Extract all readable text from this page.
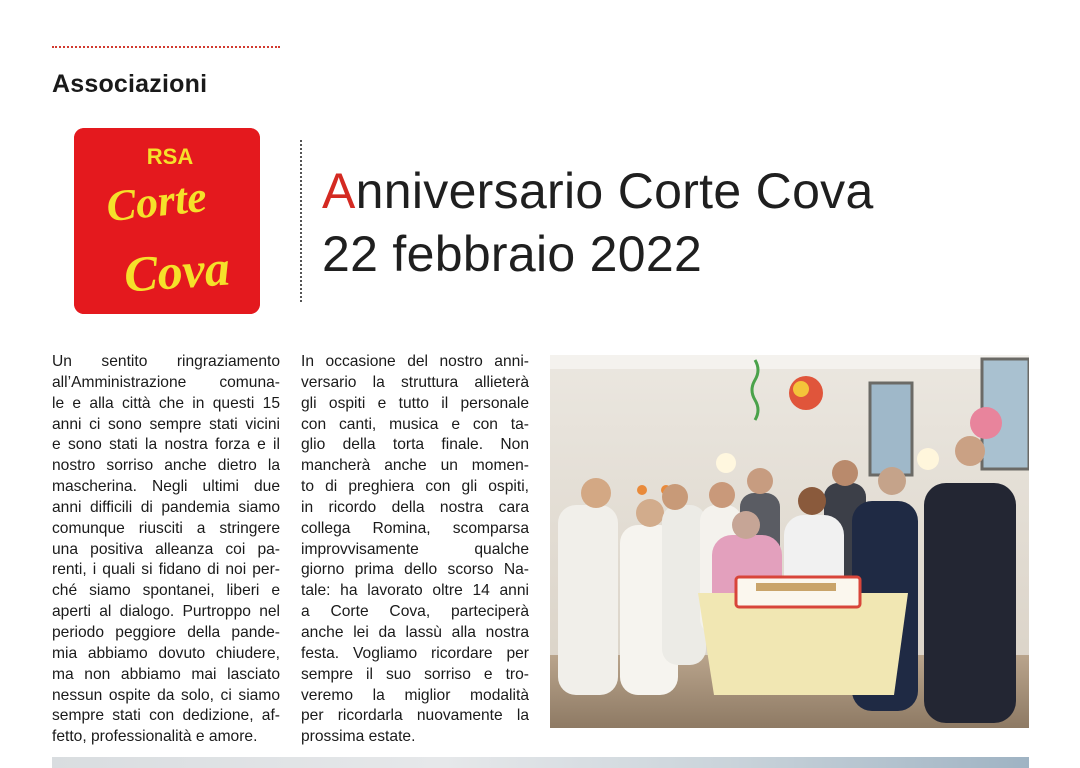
Associazioni
RSA
Corte
Cova
Anniversario Corte Cova
22 febbraio 2022
Un sentito ringraziamento
all’Amministrazione comuna-
le e alla città che in questi 15
anni ci sono sempre stati vicini
e sono stati la nostra forza e il
nostro sorriso anche dietro la
mascherina. Negli ultimi due
anni difficili di pandemia siamo
comunque riusciti a stringere
una positiva alleanza coi pa-
renti, i quali si fidano di noi per-
ché siamo spontanei, liberi e
aperti al dialogo. Purtroppo nel
periodo peggiore della pande-
mia abbiamo dovuto chiudere,
ma non abbiamo mai lasciato
nessun ospite da solo, ci siamo
sempre stati con dedizione, af-
fetto, professionalità e amore.
In occasione del nostro anni-
versario la struttura allieterà
gli ospiti e tutto il personale
con canti, musica e con ta-
glio della torta finale. Non
mancherà anche un momen-
to di preghiera con gli ospiti,
in ricordo della nostra cara
collega Romina, scomparsa
improvvisamente qualche
giorno prima dello scorso Na-
tale: ha lavorato oltre 14 anni
a Corte Cova, parteciperà
anche lei da lassù alla nostra
festa. Vogliamo ricordare per
sempre il suo sorriso e tro-
veremo la miglior modalità
per ricordarla nuovamente la
prossima estate.
